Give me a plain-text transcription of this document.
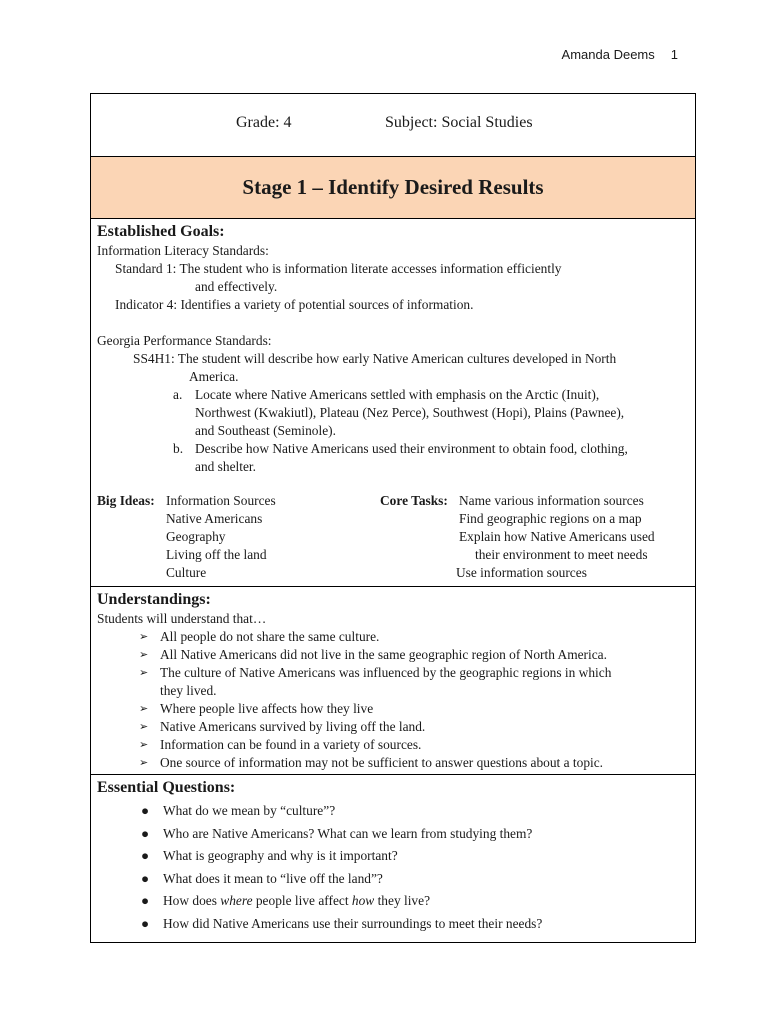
Amanda Deems 1
Grade: 4	Subject: Social Studies
Stage 1 – Identify Desired Results
Established Goals:
Information Literacy Standards:
Standard 1: The student who is information literate accesses information efficiently
and effectively.
Indicator 4: Identifies a variety of potential sources of information.
Georgia Performance Standards:
SS4H1: The student will describe how early Native American cultures developed in North
America.
a. Locate where Native Americans settled with emphasis on the Arctic (Inuit),
Northwest (Kwakiutl), Plateau (Nez Perce), Southwest (Hopi), Plains (Pawnee),
and Southeast (Seminole).
b. Describe how Native Americans used their environment to obtain food, clothing,
and shelter.
Big Ideas: Information Sources
Native Americans
Geography
Living off the land
Culture
Core Tasks: Name various information sources
Find geographic regions on a map
Explain how Native Americans used
their environment to meet needs
Use information sources
Understandings:
Students will understand that…
➢ All people do not share the same culture.
➢ All Native Americans did not live in the same geographic region of North America.
➢ The culture of Native Americans was influenced by the geographic regions in which
they lived.
➢ Where people live affects how they live
➢ Native Americans survived by living off the land.
➢ Information can be found in a variety of sources.
➢ One source of information may not be sufficient to answer questions about a topic.
Essential Questions:
● What do we mean by “culture”?
● Who are Native Americans? What can we learn from studying them?
● What is geography and why is it important?
● What does it mean to “live off the land”?
● How does where people live affect how they live?
● How did Native Americans use their surroundings to meet their needs?
